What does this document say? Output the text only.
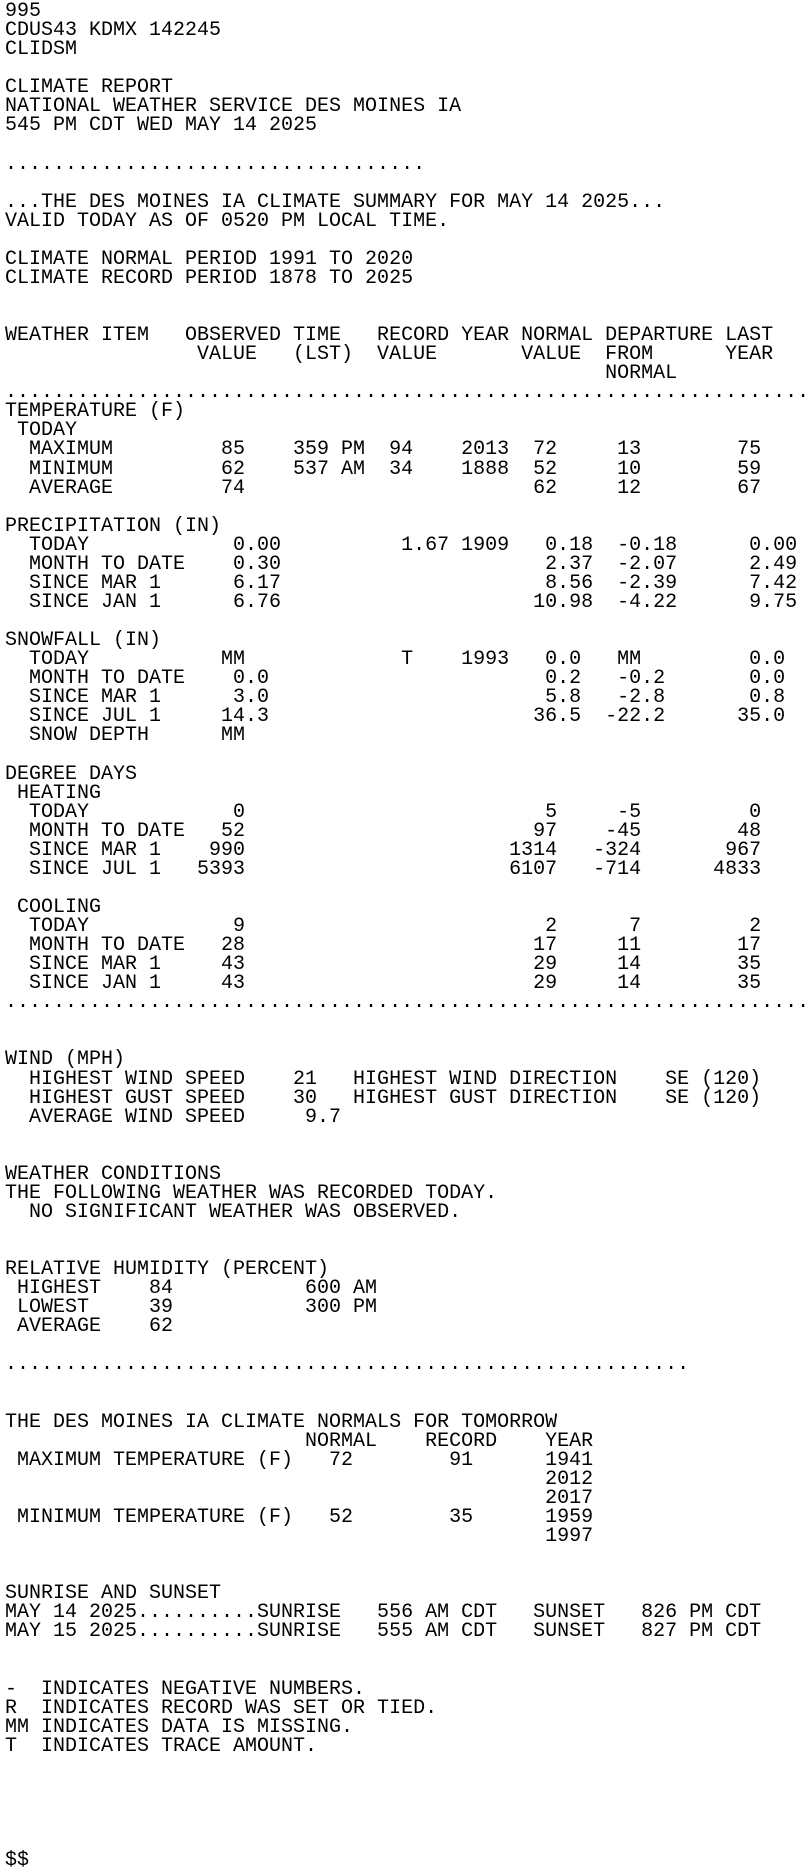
995
CDUS43 KDMX 142245
CLIDSM
CLIMATE REPORT
NATIONAL WEATHER SERVICE DES MOINES IA
545 PM CDT WED MAY 14 2025
...................................
...THE DES MOINES IA CLIMATE SUMMARY FOR MAY 14 2025...
VALID TODAY AS OF 0520 PM LOCAL TIME.
CLIMATE NORMAL PERIOD 1991 TO 2020
CLIMATE RECORD PERIOD 1878 TO 2025
WEATHER ITEM   OBSERVED TIME   RECORD YEAR NORMAL DEPARTURE LAST
VALUE   (LST)  VALUE       VALUE  FROM      YEAR
NORMAL
...................................................................
TEMPERATURE (F)
TODAY
MAXIMUM         85    359 PM  94    2013  72     13        75
MINIMUM         62    537 AM  34    1888  52     10        59
AVERAGE         74                        62     12        67
PRECIPITATION (IN)
TODAY            0.00          1.67 1909   0.18  -0.18      0.00
MONTH TO DATE    0.30                      2.37  -2.07      2.49
SINCE MAR 1      6.17                      8.56  -2.39      7.42
SINCE JAN 1      6.76                     10.98  -4.22      9.75
SNOWFALL (IN)
TODAY           MM             T    1993   0.0   MM         0.0
MONTH TO DATE    0.0                       0.2   -0.2       0.0
SINCE MAR 1      3.0                       5.8   -2.8       0.8
SINCE JUL 1     14.3                      36.5  -22.2      35.0
SNOW DEPTH      MM
DEGREE DAYS
HEATING
TODAY            0                         5     -5         0
MONTH TO DATE   52                        97    -45        48
SINCE MAR 1    990                      1314   -324       967
SINCE JUL 1   5393                      6107   -714      4833
COOLING
TODAY            9                         2      7         2
MONTH TO DATE   28                        17     11        17
SINCE MAR 1     43                        29     14        35
SINCE JAN 1     43                        29     14        35
...................................................................
WIND (MPH)
HIGHEST WIND SPEED    21   HIGHEST WIND DIRECTION    SE (120)
HIGHEST GUST SPEED    30   HIGHEST GUST DIRECTION    SE (120)
AVERAGE WIND SPEED     9.7
WEATHER CONDITIONS
THE FOLLOWING WEATHER WAS RECORDED TODAY.
NO SIGNIFICANT WEATHER WAS OBSERVED.
RELATIVE HUMIDITY (PERCENT)
HIGHEST    84           600 AM
LOWEST     39           300 PM
AVERAGE    62
.........................................................
THE DES MOINES IA CLIMATE NORMALS FOR TOMORROW
NORMAL    RECORD    YEAR
MAXIMUM TEMPERATURE (F)   72        91      1941
2012
2017
MINIMUM TEMPERATURE (F)   52        35      1959
1997
SUNRISE AND SUNSET
MAY 14 2025..........SUNRISE   556 AM CDT   SUNSET   826 PM CDT
MAY 15 2025..........SUNRISE   555 AM CDT   SUNSET   827 PM CDT
-  INDICATES NEGATIVE NUMBERS.
R  INDICATES RECORD WAS SET OR TIED.
MM INDICATES DATA IS MISSING.
T  INDICATES TRACE AMOUNT.
$$
